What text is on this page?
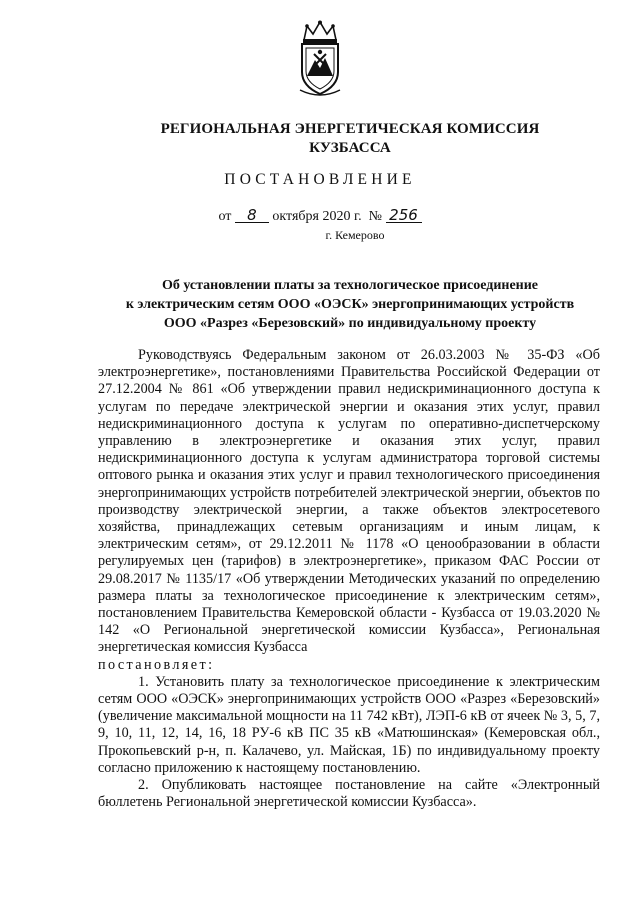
РЕГИОНАЛЬНАЯ ЭНЕРГЕТИЧЕСКАЯ КОМИССИЯ
КУЗБАССА
ПОСТАНОВЛЕНИЕ
от 8 октября 2020 г. № 256
г. Кемерово
Об установлении платы за технологическое присоединение
к электрическим сетям ООО «ОЭСК» энергопринимающих устройств
ООО «Разрез «Березовский» по индивидуальному проекту

Руководствуясь Федеральным законом от 26.03.2003 № 35-ФЗ «Об электроэнергетике», постановлениями Правительства Российской Федерации от 27.12.2004 № 861 «Об утверждении правил недискриминационного доступа к услугам по передаче электрической энергии и оказания этих услуг, правил недискриминационного доступа к услугам по оперативно-диспетчерскому управлению в электроэнергетике и оказания этих услуг, правил недискриминационного доступа к услугам администратора торговой системы оптового рынка и оказания этих услуг и правил технологического присоединения энергопринимающих устройств потребителей электрической энергии, объектов по производству электрической энергии, а также объектов электросетевого хозяйства, принадлежащих сетевым организациям и иным лицам, к электрическим сетям», от 29.12.2011 № 1178 «О ценообразовании в области регулируемых цен (тарифов) в электроэнергетике», приказом ФАС России от 29.08.2017 № 1135/17 «Об утверждении Методических указаний по определению размера платы за технологическое присоединение к электрическим сетям», постановлением Правительства Кемеровской области - Кузбасса от 19.03.2020 № 142 «О Региональной энергетической комиссии Кузбасса», Региональная энергетическая комиссия Кузбасса

постановляет:

1. Установить плату за технологическое присоединение к электрическим сетям ООО «ОЭСК» энергопринимающих устройств ООО «Разрез «Березовский» (увеличение максимальной мощности на 11 742 кВт), ЛЭП-6 кВ от ячеек № 3, 5, 7, 9, 10, 11, 12, 14, 16, 18 РУ-6 кВ ПС 35 кВ «Матюшинская» (Кемеровская обл., Прокопьевский р-н, п. Калачево, ул. Майская, 1Б) по индивидуальному проекту согласно приложению к настоящему постановлению.

2. Опубликовать настоящее постановление на сайте «Электронный бюллетень Региональной энергетической комиссии Кузбасса».
